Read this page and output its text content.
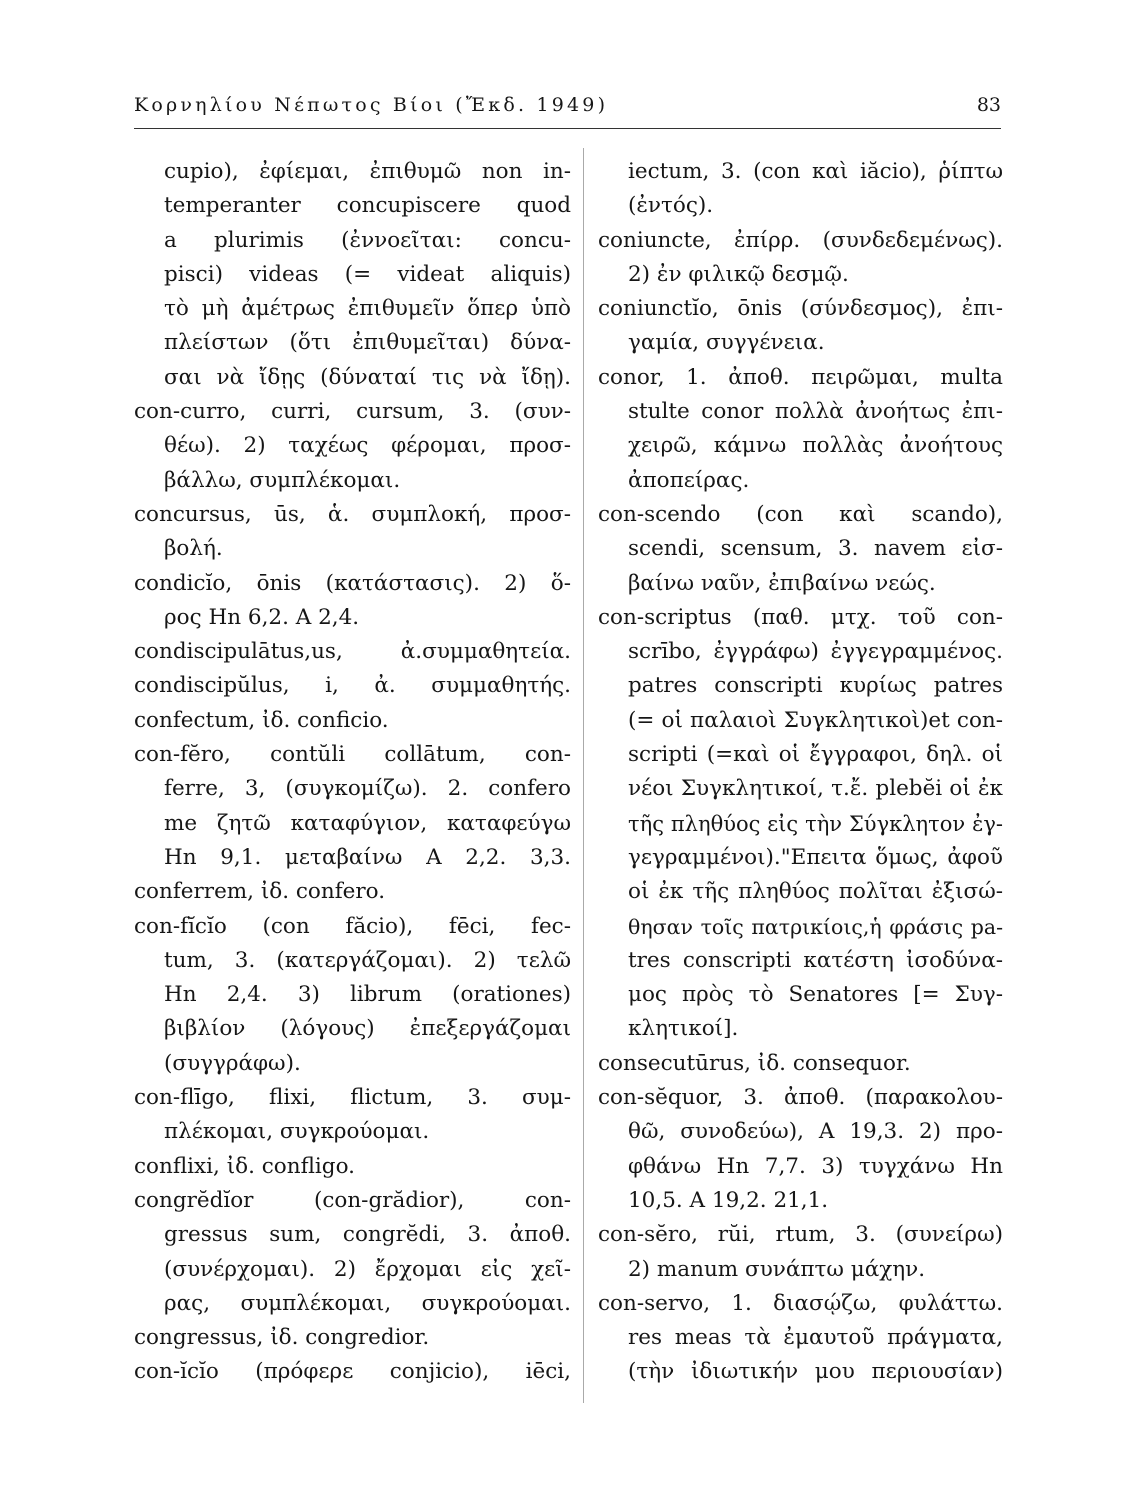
Κορνηλίου Νέπωτος Βίοι (Ἔκδ. 1949)	83
cupio), ἐφίεμαι, ἐπιθυμῶ non in-
temperanter concupiscere quod
a plurimis (ἐννοεῖται: concu-
pisci) videas (= videat aliquis)
τὸ μὴ ἀμέτρως ἐπιθυμεῖν ὅπερ ὑπὸ
πλείστων (ὅτι ἐπιθυμεῖται) δύνα-
σαι νὰ ἴδῃς (δύναταί τις νὰ ἴδῃ).
con-curro, curri, cursum, 3. (συν-
θέω). 2) ταχέως φέρομαι, προσ-
βάλλω, συμπλέκομαι.
concursus, ūs, ἁ. συμπλοκή, προσ-
βολή.
condicĭo, ōnis (κατάστασις). 2) ὅ-
ρος Hn 6,2. A 2,4.
condiscipulātus,us, ἀ.συμμαθητεία.
condiscipŭlus, i, ἀ. συμμαθητής.
confectum, ἰδ. conficio.
con-fĕro, contŭli collātum, con-
ferre, 3, (συγκομίζω). 2. confero
me ζητῶ καταφύγιον, καταφεύγω
Hn 9,1. μεταβαίνω A 2,2. 3,3.
conferrem, ἰδ. confero.
con-fĭcĭo (con făcio), fēci, fec-
tum, 3. (κατεργάζομαι). 2) τελῶ
Hn 2,4. 3) librum (orationes)
βιβλίον (λόγους) ἐπεξεργάζομαι
(συγγράφω).
con-flīgo, flixi, flictum, 3. συμ-
πλέκομαι, συγκρούομαι.
conflixi, ἰδ. confligo.
congrĕdĭor (con-grădior), con-
gressus sum, congrĕdi, 3. ἀποθ.
(συνέρχομαι). 2) ἔρχομαι εἰς χεῖ-
ρας, συμπλέκομαι, συγκρούομαι.
congressus, ἰδ. congredior.
con-ĭcĭo (πρόφερε conjicio), iēci,
iectum, 3. (con καὶ iăcio), ῥίπτω
(ἐντός).
coniuncte, ἐπίρρ. (συνδεδεμένως).
2) ἐν φιλικῷ δεσμῷ.
coniunctĭo, ōnis (σύνδεσμος), ἐπι-
γαμία, συγγένεια.
conor, 1. ἀποθ. πειρῶμαι, multa
stulte conor πολλὰ ἀνοήτως ἐπι-
χειρῶ, κάμνω πολλὰς ἀνοήτους
ἀποπείρας.
con-scendo (con καὶ scando),
scendi, scensum, 3. navem εἰσ-
βαίνω ναῦν, ἐπιβαίνω νεώς.
con-scriptus (παθ. μτχ. τοῦ con-
scrībo, ἐγγράφω) ἐγγεγραμμένος.
patres conscripti κυρίως patres
(= οἱ παλαιοὶ Συγκλητικοὶ)et con-
scripti (=καὶ οἱ ἔγγραφοι, δηλ. οἱ
νέοι Συγκλητικοί, τ.ἔ. plebĕi οἱ ἐκ
τῆς πληθύος εἰς τὴν Σύγκλητον ἐγ-
γεγραμμένοι)."Επειτα ὅμως, ἀφοῦ
οἱ ἐκ τῆς πληθύος πολῖται ἐξισώ-
θησαν τοῖς πατρικίοις,ἡ φράσις pa-
tres conscripti κατέστη ἰσοδύνα-
μος πρὸς τὸ Senatores [= Συγ-
κλητικοί].
consecutūrus, ἰδ. consequor.
con-sĕquor, 3. ἀποθ. (παρακολου-
θῶ, συνοδεύω), A 19,3. 2) προ-
φθάνω Hn 7,7. 3) τυγχάνω Hn
10,5. A 19,2. 21,1.
con-sĕro, rŭi, rtum, 3. (συνείρω)
2) manum συνάπτω μάχην.
con-servo, 1. διασῴζω, φυλάττω.
res meas τὰ ἐμαυτοῦ πράγματα,
(τὴν ἰδιωτικήν μου περιουσίαν)
